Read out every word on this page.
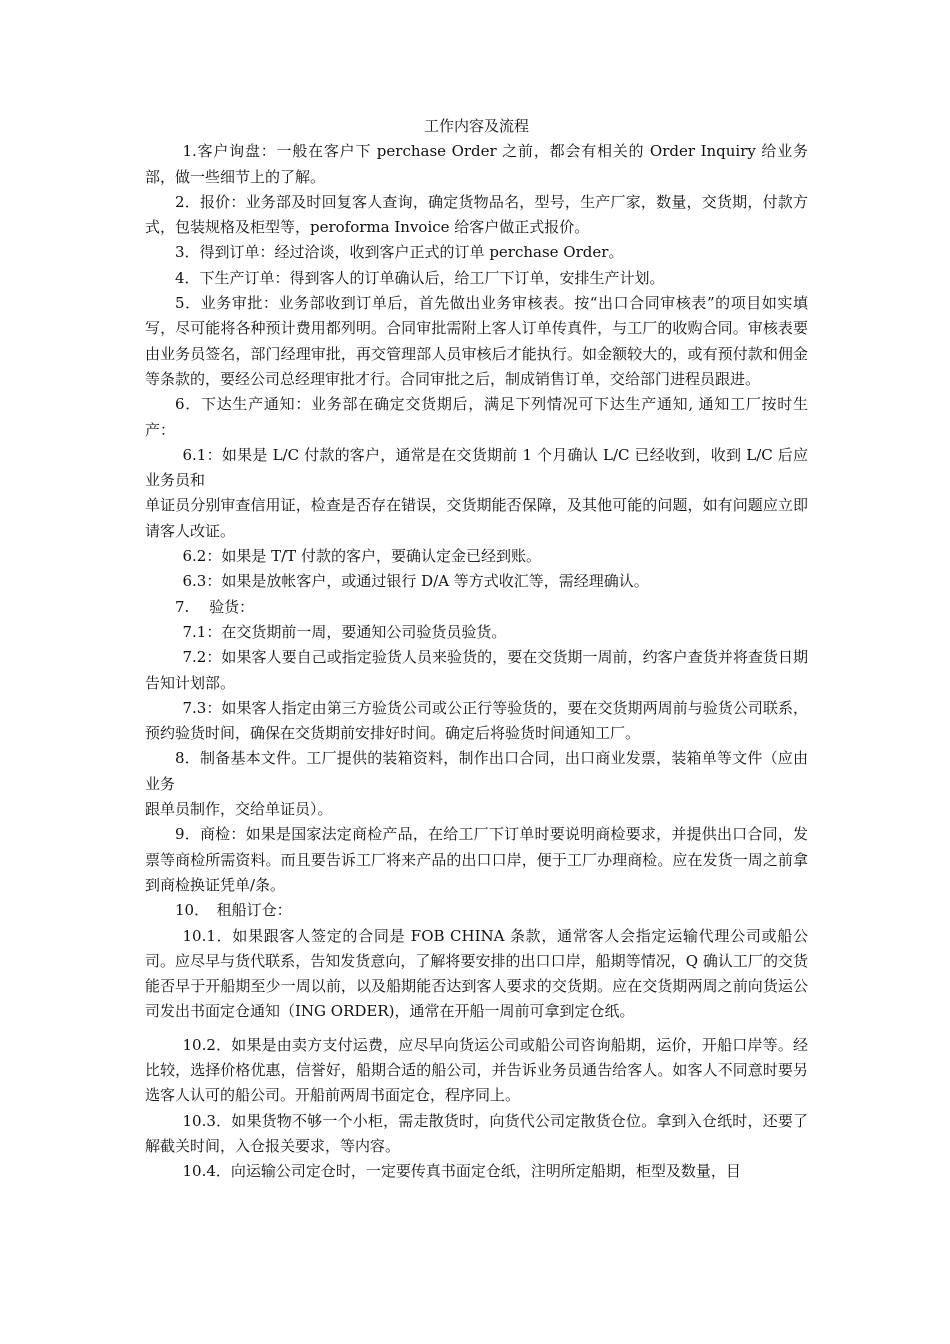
工作内容及流程

1.客户询盘：一般在客户下 perchase Order 之前，都会有相关的 Order Inquiry 给业务部，做一些细节上的了解。

2．报价：业务部及时回复客人查询，确定货物品名，型号，生产厂家，数量，交货期，付款方式，包装规格及柜型等，peroforma Invoice 给客户做正式报价。

3．得到订单：经过洽谈，收到客户正式的订单 perchase Order。

4．下生产订单：得到客人的订单确认后，给工厂下订单，安排生产计划。

5．业务审批：业务部收到订单后，首先做出业务审核表。按“出口合同审核表”的项目如实填写，尽可能将各种预计费用都列明。合同审批需附上客人订单传真件，与工厂的收购合同。审核表要由业务员签名，部门经理审批，再交管理部人员审核后才能执行。如金额较大的，或有预付款和佣金等条款的，要经公司总经理审批才行。合同审批之后，制成销售订单，交给部门进程员跟进。

6．下达生产通知：业务部在确定交货期后，满足下列情况可下达生产通知, 通知工厂按时生产：

6.1：如果是 L/C 付款的客户，通常是在交货期前 1 个月确认 L/C 已经收到，收到 L/C 后应业务员和

单证员分别审查信用证，检查是否存在错误，交货期能否保障，及其他可能的问题，如有问题应立即请客人改证。

6.2：如果是 T/T 付款的客户，要确认定金已经到账。

6.3：如果是放帐客户，或通过银行 D/A 等方式收汇等，需经理确认。

7.　 验货：

7.1：在交货期前一周，要通知公司验货员验货。

7.2：如果客人要自己或指定验货人员来验货的，要在交货期一周前，约客户查货并将查货日期告知计划部。

7.3：如果客人指定由第三方验货公司或公正行等验货的，要在交货期两周前与验货公司联系，预约验货时间，确保在交货期前安排好时间。确定后将验货时间通知工厂。

8．制备基本文件。工厂提供的装箱资料，制作出口合同，出口商业发票，装箱单等文件（应由业务

跟单员制作，交给单证员）。

9．商检：如果是国家法定商检产品，在给工厂下订单时要说明商检要求，并提供出口合同，发票等商检所需资料。而且要告诉工厂将来产品的出口口岸，便于工厂办理商检。应在发货一周之前拿到商检换证凭单/条。

10．　租船订仓：

10.1．如果跟客人签定的合同是 FOB CHINA 条款，通常客人会指定运输代理公司或船公司。应尽早与货代联系，告知发货意向，了解将要安排的出口口岸，船期等情况，Q 确认工厂的交货能否早于开船期至少一周以前，以及船期能否达到客人要求的交货期。应在交货期两周之前向货运公司发出书面定仓通知（ING ORDER)，通常在开船一周前可拿到定仓纸。

10.2．如果是由卖方支付运费，应尽早向货运公司或船公司咨询船期，运价，开船口岸等。经比较，选择价格优惠，信誉好，船期合适的船公司，并告诉业务员通告给客人。如客人不同意时要另选客人认可的船公司。开船前两周书面定仓，程序同上。

10.3．如果货物不够一个小柜，需走散货时，向货代公司定散货仓位。拿到入仓纸时，还要了解截关时间，入仓报关要求，等内容。

10.4．向运输公司定仓时，一定要传真书面定仓纸，注明所定船期，柜型及数量，目
